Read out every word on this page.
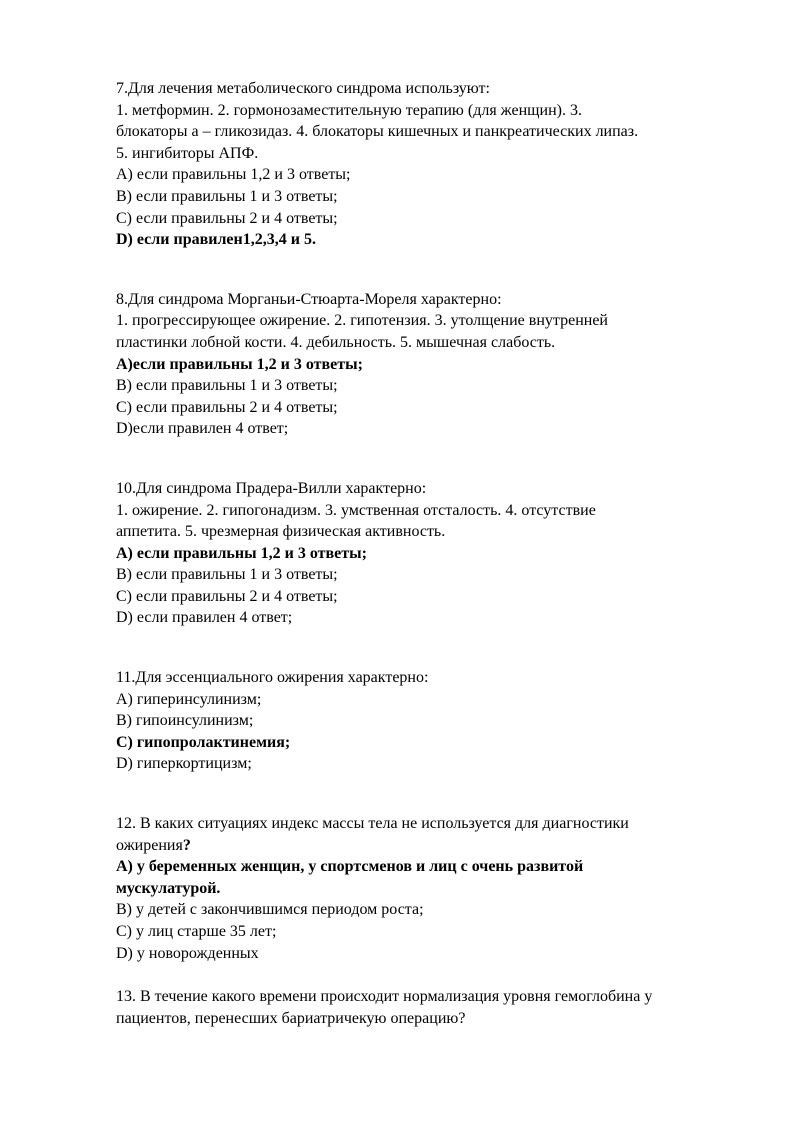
7.Для лечения метаболического синдрома используют:
1. метформин. 2. гормонозаместительную терапию (для женщин). 3.
блокаторы а – гликозидаз. 4. блокаторы кишечных и панкреатических липаз.
5. ингибиторы АПФ.
А) если правильны 1,2 и 3 ответы;
В) если правильны 1 и 3 ответы;
С) если правильны 2 и 4 ответы;
D) если правилен1,2,3,4 и 5.
8.Для синдрома Морганьи-Стюарта-Мореля характерно:
1. прогрессирующее ожирение. 2. гипотензия. 3. утолщение внутренней
пластинки лобной кости. 4. дебильность. 5. мышечная слабость.
А)если правильны 1,2 и 3 ответы;
В) если правильны 1 и 3 ответы;
С) если правильны 2 и 4 ответы;
D)если правилен 4 ответ;
10.Для синдрома Прадера-Вилли характерно:
1. ожирение. 2. гипогонадизм. 3. умственная отсталость. 4. отсутствие
аппетита. 5. чрезмерная физическая активность.
А) если правильны 1,2 и 3 ответы;
В) если правильны 1 и 3 ответы;
С) если правильны 2 и 4 ответы;
D) если правилен 4 ответ;
11.Для эссенциального ожирения характерно:
А) гиперинсулинизм;
В) гипоинсулинизм;
С) гипопролактинемия;
D) гиперкортицизм;
12. В каких ситуациях индекс массы тела не используется для диагностики
ожирения?
А) у беременных женщин, у спортсменов и лиц с очень развитой
мускулатурой.
В) у детей с закончившимся периодом роста;
С) у лиц старше 35 лет;
D) у новорожденных
13. В течение какого времени происходит нормализация уровня гемоглобина у
пациентов, перенесших бариатричекую операцию?
